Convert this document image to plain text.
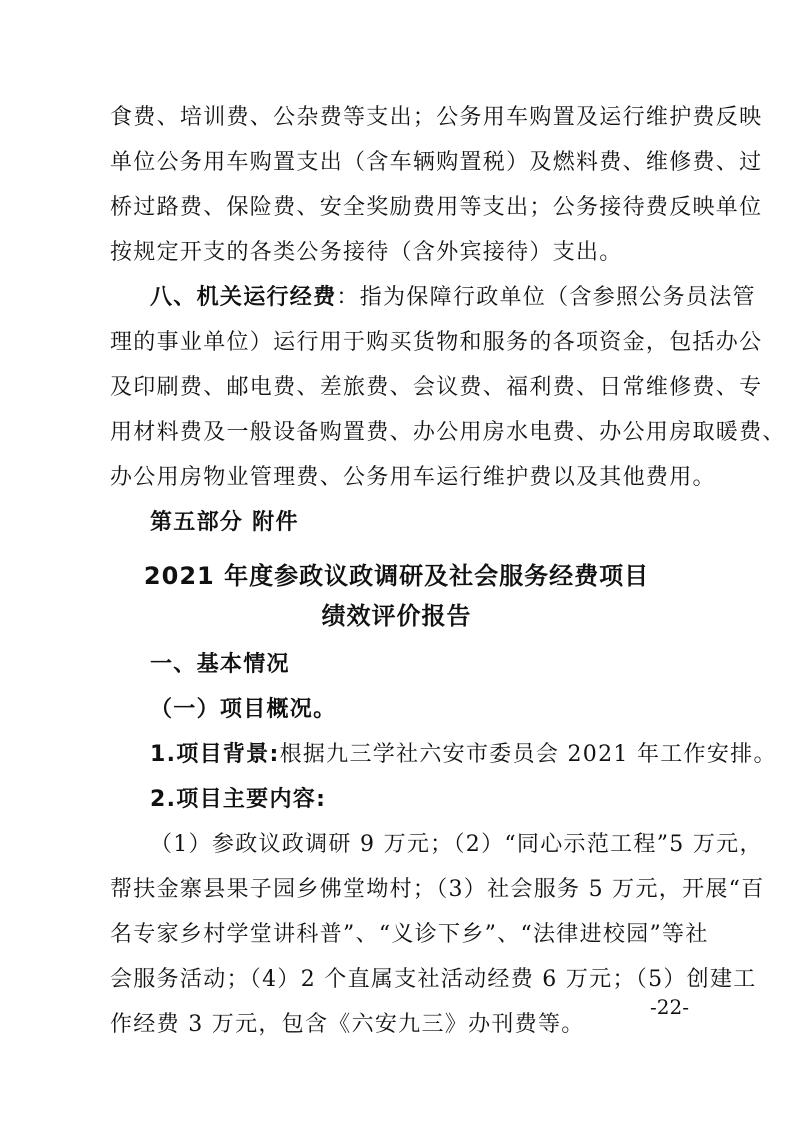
食费、培训费、公杂费等支出；公务用车购置及运行维护费反映
单位公务用车购置支出（含车辆购置税）及燃料费、维修费、过
桥过路费、保险费、安全奖励费用等支出；公务接待费反映单位
按规定开支的各类公务接待（含外宾接待）支出。
八、机关运行经费：指为保障行政单位（含参照公务员法管
理的事业单位）运行用于购买货物和服务的各项资金，包括办公
及印刷费、邮电费、差旅费、会议费、福利费、日常维修费、专
用材料费及一般设备购置费、办公用房水电费、办公用房取暖费、
办公用房物业管理费、公务用车运行维护费以及其他费用。
第五部分 附件
2021 年度参政议政调研及社会服务经费项目
绩效评价报告
一、基本情况
（一）项目概况。
1.项目背景:根据九三学社六安市委员会 2021 年工作安排。
2.项目主要内容:
（1）参政议政调研 9 万元；（2）“同心示范工程”5 万元，
帮扶金寨县果子园乡佛堂坳村；（3）社会服务 5 万元，开展“百
名专家乡村学堂讲科普”、“义诊下乡”、“法律进校园”等社
会服务活动；（4）2 个直属支社活动经费 6 万元；（5）创建工
作经费 3 万元，包含《六安九三》办刊费等。
-22-
